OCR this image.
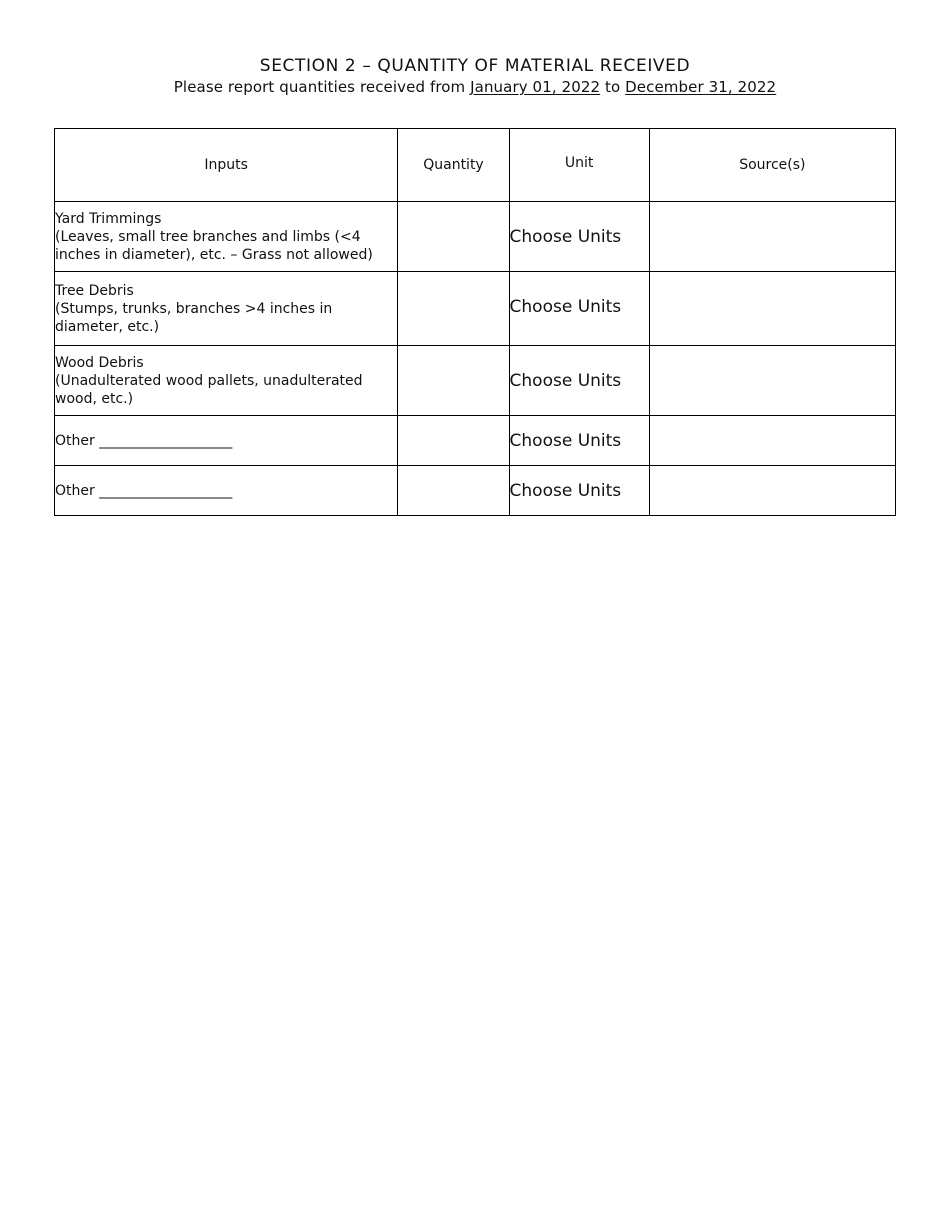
SECTION 2 – QUANTITY OF MATERIAL RECEIVED
Please report quantities received from January 01, 2022 to December 31, 2022
Inputs	Quantity	Unit	Source(s)

Yard Trimmings
(Leaves, small tree branches and limbs (<4 inches in diameter), etc. – Grass not allowed)		Choose Units	

Tree Debris
(Stumps, trunks, branches >4 inches in diameter, etc.)		Choose Units	

Wood Debris
(Unadulterated wood pallets, unadulterated wood, etc.)		Choose Units	
Other ___________________		Choose Units	
Other ___________________		Choose Units	
